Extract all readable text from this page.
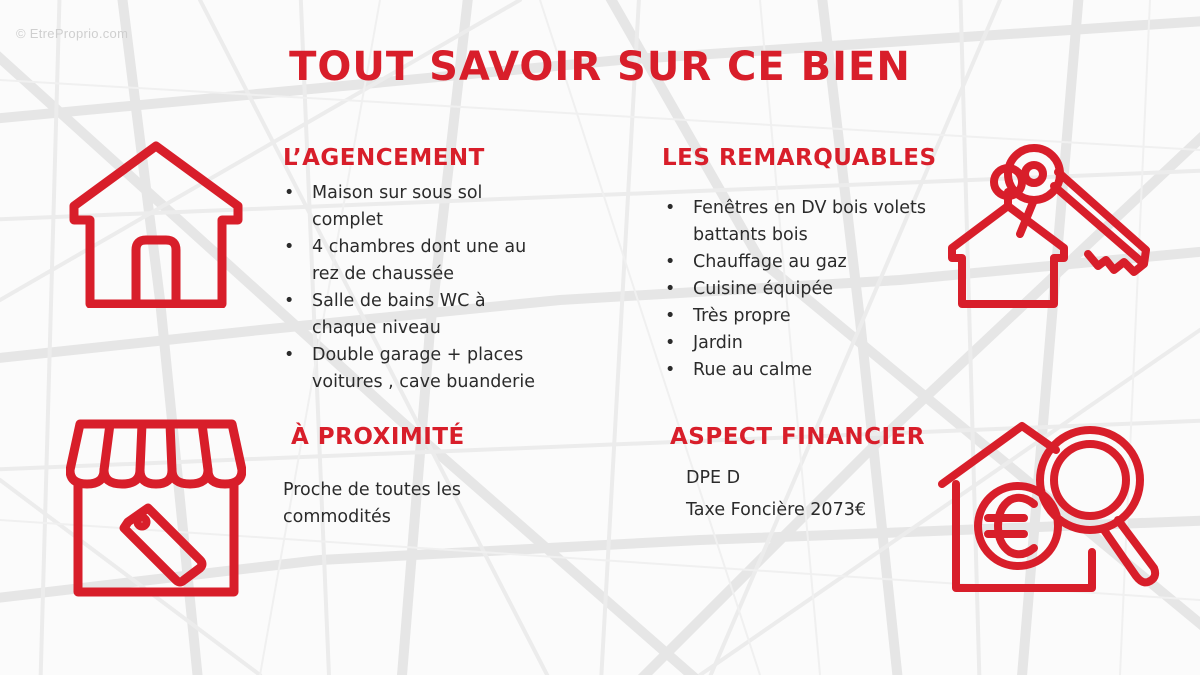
© EtreProprio.com
TOUT SAVOIR SUR CE BIEN
L’AGENCEMENT
• Maison sur sous sol complet
• 4 chambres dont une au rez de chaussée
• Salle de bains WC à chaque niveau
• Double garage + places voitures , cave buanderie
LES REMARQUABLES
• Fenêtres en DV bois volets battants bois
• Chauffage au gaz
• Cuisine équipée
• Très propre
• Jardin
• Rue au calme
À PROXIMITÉ

Proche de toutes les commodités

ASPECT FINANCIER

DPE D

Taxe Foncière 2073€
